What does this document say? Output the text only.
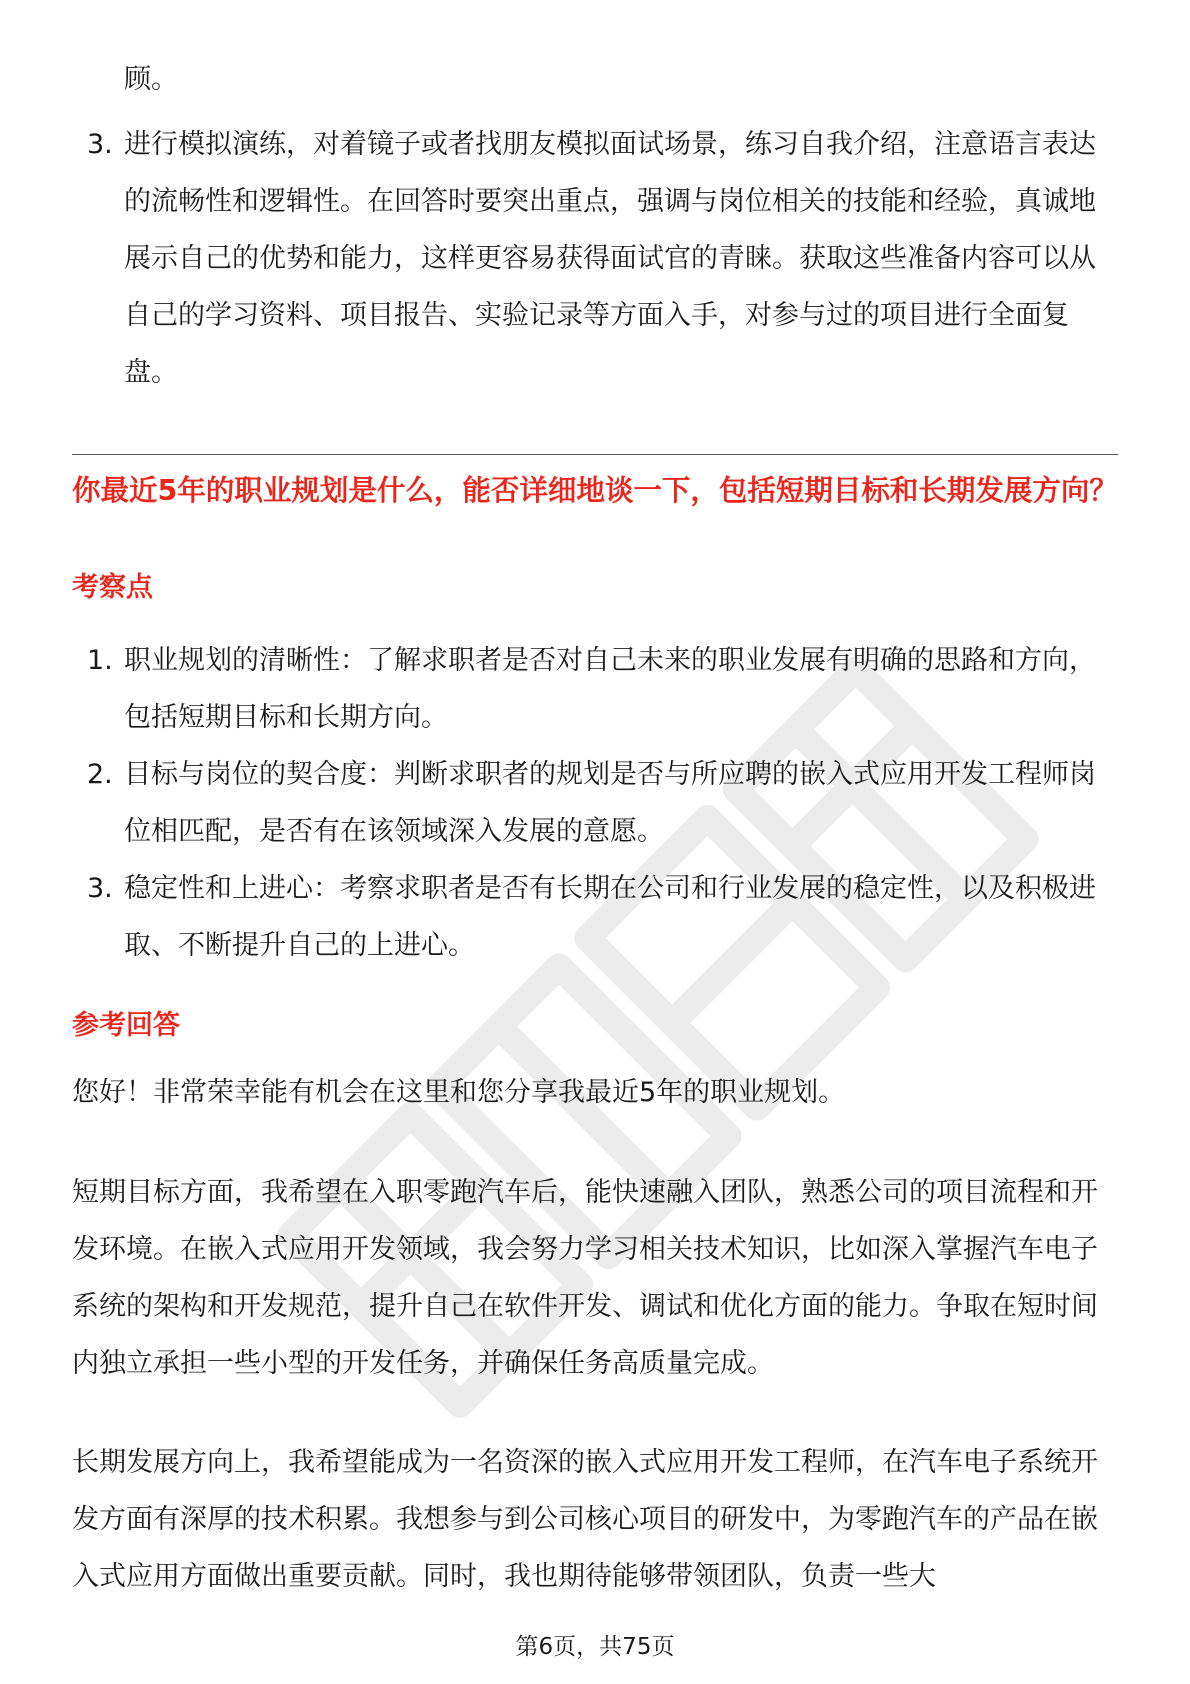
顾。
3. 进行模拟演练，对着镜子或者找朋友模拟面试场景，练习自我介绍，注意语言表达的流畅性和逻辑性。在回答时要突出重点，强调与岗位相关的技能和经验，真诚地展示自己的优势和能力，这样更容易获得面试官的青睐。获取这些准备内容可以从自己的学习资料、项目报告、实验记录等方面入手，对参与过的项目进行全面复盘。
你最近5年的职业规划是什么，能否详细地谈一下，包括短期目标和长期发展方向？
考察点
1. 职业规划的清晰性：了解求职者是否对自己未来的职业发展有明确的思路和方向，包括短期目标和长期方向。
2. 目标与岗位的契合度：判断求职者的规划是否与所应聘的嵌入式应用开发工程师岗位相匹配，是否有在该领域深入发展的意愿。
3. 稳定性和上进心：考察求职者是否有长期在公司和行业发展的稳定性，以及积极进取、不断提升自己的上进心。
参考回答

您好！非常荣幸能有机会在这里和您分享我最近5年的职业规划。

短期目标方面，我希望在入职零跑汽车后，能快速融入团队，熟悉公司的项目流程和开发环境。在嵌入式应用开发领域，我会努力学习相关技术知识，比如深入掌握汽车电子系统的架构和开发规范，提升自己在软件开发、调试和优化方面的能力。争取在短时间内独立承担一些小型的开发任务，并确保任务高质量完成。

长期发展方向上，我希望能成为一名资深的嵌入式应用开发工程师，在汽车电子系统开发方面有深厚的技术积累。我想参与到公司核心项目的研发中，为零跑汽车的产品在嵌入式应用方面做出重要贡献。同时，我也期待能够带领团队，负责一些大

第6页，共75页
